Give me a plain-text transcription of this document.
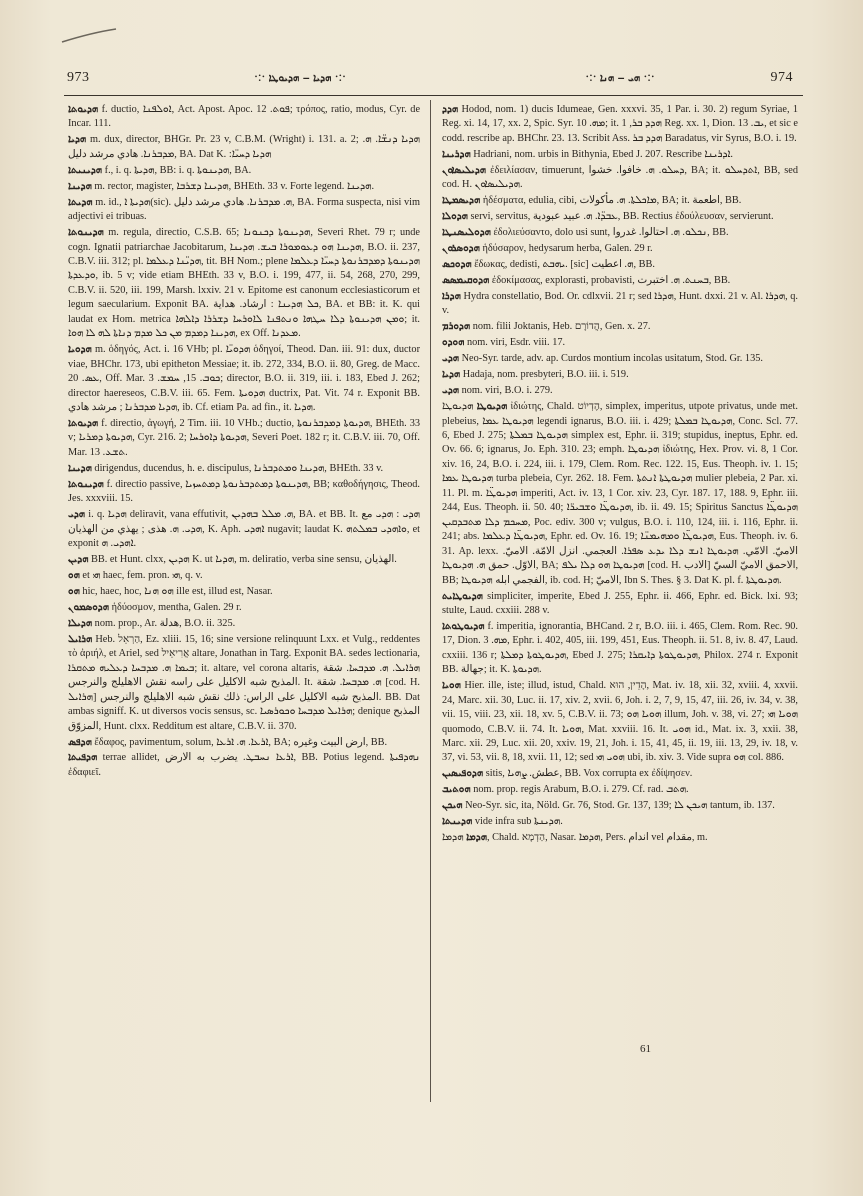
973	∙:∙ ܗܕܝܐ ‒ ܗܕܝܘܛܐ ∙:∙	∙:∙ ܗܝ ‒ ܗܢܐ ∙:∙	974

ܗܕܝܘܬܐ f. ductio, ܐܘܠܦܢܐ, Act. Apost. Apoc. ܦܘܬ. 12; τρόπος, ratio, modus, Cyr. de Incar. 111.

ܗܕܝܐ m. dux, director, BHGr. Pr. 23 v, C.B.M. (Wright) i. 131. a. 2; ܗܕܝܐ ܕܢܫ̈ܐ. ܗ. ܡܕܒܪܢܐ. هادي مرشد دليل, BA. Dat K. :ܗܕܝܐ ܕܚܝ̈ܐ

ܗܕܝܢܝܬܐ f., i. q. ܗܕܝܬܐ, BB: i. q. ܗܕܝܢܘܬܐ, BA.

ܗܕܝܢܐ m. rector, magister, ܗܕܝܢܐ ܕܫܪܒܐ, BHEth. 33 v. Forte legend. ܗܕܝܢܐ.

ܗܕܝܬܐ m. id., ܗܕܝܬܐ ܐ(sic). ܗ. ܡܕܒܪܢܐ. هادي مرشد دليل, BA. Forma suspecta, nisi vim adjectivi ei tribuas.

ܗܕܝܢܘܬܐ m. regula, directio, C.S.B. 65; ܗܕܝܢܘܬܐ ܕܟܢܘܢܐ, Severi Rhet. 79 r; unde cogn. Ignatii patriarchae Jacobitarum, ܗܕܝܢܐ ܗܘ ܕܥܘܡܘܪܐ ܒܝܫ. ܗܕܝܢܐ, B.O. ii. 237, C.B.V. iii. 312; pl. ܗܕܝ̈ܢܐ ܕܥܠܡܐ, tit. BH Nom.; plene ܗܕܝܢܘܬܐ ܕܡܕܒܪܢܘܬܐ ܕܚܝ̈ܐ ܕܥܠܡܐ ܘܕܥܕܬܐ, ib. 5 v; vide etiam BHEth. 33 v, B.O. i. 199, 477, ii. 54, 268, 270, 299, C.B.V. ii. 520, iii. 199, Marsh. lxxiv. 21 v. Epitome est canonum ecclesiasticorum et legum saecularium. Exponit BA. ܟܠ ܗܕܝܢܐ : ارشاد. هداية, BA. et BB: it. K. qui laudat ex Hom. metrica ܘܡܢ ܗܕܝܢܘܬܐ ܕܠܐ ܚܛܗܐ ܘܢܬܦܢܐ ܠܐܘܪܚܐ ܕܫܪܪܐ ܕܐܠܗܐ; it. ܗܕܝܢܐ ܕܡܕܡ ܡܢ ܟܠ ܡܕܡ ܕܢܐܬܐ ܠܗ ܠܐ ܗܘܐ, ex Off. ܡܥܕܢܐ.

ܗܕܘܝܐ m. ὁδηγός, Act. i. 16 VHb; pl. ܗܕܘܝ̈ܐ ὁδηγοί, Theod. Dan. iii. 91: dux, ductor viae, BHChr. 173, ubi epitheton Messiae; it. ib. 272, 334, B.O. ii. 80, Greg. de Macc. ܥܣ. 20, Off. Mar. ܟܘܒ. 15, ܚܡܫ. 3; director, B.O. ii. 319, iii. i. 183, Ebed J. 262; director haereseos, C.B.V. iii. 65. Fem. ܗܕܘܝܬܐ ductrix, Pat. Vit. 74 r. Exponit BB. ܗܕܝܐ ܡܕܒܪܢܐ ; مرشد هادي, ib. Cf. etiam Pa. ad fin., it. ܗܕܝܐ.

ܗܕܝܘܬܐ f. directio, ἀγωγή, 2 Tim. iii. 10 VHb.; ductio, ܗܕܝܘܬܐ ܕܡܕܒܪܢܘܬܐ, BHEth. 33 v; ܗܕܝܘܬܐ ܕܡܪܝܐ, Cyr. 216. 2; ܗܕܝܘܬܐ ܕܐܘܪܚܐ, Severi Poet. 182 r; it. C.B.V. iii. 70, Off. Mar. ܬܫܥ. 13.

ܗܕܝܢܐ dirigendus, ducendus, h. e. discipulus, ܗܕܝܢܐ ܘܡܬܕܒܪܢܐ, BHEth. 33 v.

ܗܕܝܢܘܬܐ f. directio passive, ܗܕܝܢܘܬܐ ܕܡܬܕܒܪܢܘܬܐ ܕܡܬܚܙܝܐ, BB; καθοδήγησις, Theod. Jes. xxxviii. 15.

ܗܕܝ i. q. ܗܕܝܐ deliravit, vana effutivit, ܗ. ܡܠܠ ܒܗܕܝܢ, BA. et BB. It. ܗܕܝ : ܗܕܝ مع ܗܕܝ. ܗ. هذى ; يهذي من الهذيان, K. Aph. ܐܗܕܝ nugavit; laudat K. ܘܐܗܕܝ ܒܡܠܬܗ, et exponit ܐܗܕܝ. ܗ.

ܗܕܝܢ BB. et Hunt. clxx, ܗܕܝܢ K. ut ܗܕܝܐ, m. deliratio, verba sine sensu, الهذيان.

ܗܘ et ܗܝ haec, fem. pron. ܗܝ, q. v.

ܗܘ hic, haec, hoc, ܗܘ ܗܢܐ ille est, illud est, Nasar.

ܗܕܘܣܡܘܢ ἡδύοσμον, mentha, Galen. 29 r.

ܗܕܝܠܐ nom. prop., Ar. هدلة, B.O. ii. 325.

ܗܪܐܝܠ Heb. הַרְאֵל, Ez. xliii. 15, 16; sine versione relinquunt Lxx. et Vulg., reddentes τὸ ἀριήλ, et Ariel, sed אֲרִיאֵיל altare, Jonathan in Targ. Exponit BA. sedes lectionaria, ܒܝܡܐ ܗ. ܡܕܒܚܐ ܕܥܠܝܗ ܡܬܩܪܐ; it. altare, vel corona altaris, ܗܪܐܝܠ. ܗ. ܡܕܒܚܐ. شقة المذبح شبه الاكليل على راسه نقش الاهليلج والنرجس. It. ܗ. ܡܕܒܚܐ. شقة [cod. H. ܗܪܐܝܠ] المذبح شبه الاكليل على الراس: ذلك نقش شبه الاهليلج والنرجس. BB. Dat ambas signiff. K. ut diversos vocis sensus, sc. ܗܪܐܝܠ ܡܕܒܚܐ ܘܟܘܪܣܝܐ; denique المذبح المزوّق, Hunt. clxx. Redditum est altare, C.B.V. ii. 370.

ܗܕܦܣ ἔδαφος, pavimentum, solum, ܐܪܥܐ. ܗ. ܐܪܥܐ, BA; ارض البيت وغيره, BB.

ܗܕܦܝܬܐ terrae allidet, ܐܪܥܐ ܢܚܒܛ. يضرب به الارض, BB. Potius legend. ܢܗܕܦܝܬܐ ἐδαφιεῖ.

ܗܕܕ Hodod, nom. 1) ducis Idumeae, Gen. xxxvi. 35, 1 Par. i. 30. 2) regum Syriae, 1 Reg. xi. 14, 17, xx. 2, Spic. Syr. ܡܗ. 10; it. ܗܕܕ ܒܪ, 1 Reg. xx. 1, Dion. ܝܒ. 13, et sic e codd. rescribe ap. BHChr. 23. 13. Scribit Ass. ܗܕܕ ܒܪ Baradatus, vir Syrus, B.O. i. 19.

ܗܕܪܝܢܐ Hadriani, nom. urbis in Bithynia, Ebed J. 207. Rescribe ܐܕܪܝܢܐ.

ܗܕܝܠܝܣܐܘܢ ἐδειλίασαν, timuerunt, ܕܚܠܘ. ܗ. خافوا. خشوا, BA; it. ܐܬܕܚܠܘ, BB, sed cod. H. ܗܕܝܠܝܣܐܘܢ.

ܗܕܝܣܡܛܐ ἡδέσματα, edulia, cibi, ܡܐܟܠܬܐ. ܗ. مأكولات, BA; it. اطعمة, BB.

ܗܕܘܠܐ servi, servitus, ܥܒܕ̈ܐ. ܗ. عبيد عبودية, BB. Rectius ἐδούλευσαν, servierunt.

ܗܕܘܠܝܣܢܛܐ ἐδολιεύσαντο, dolo usi sunt, ܢܟܠܘ. ܗ. احتالوا. غدروا, BB.

ܗܕܘܣܪܘܢ ἡδύσαρον, hedysarum herba, Galen. 29 r.

ܗܕܘܟܣ ἔδωκας, dedisti, ܝܗܒܬ. [sic] ܗ. اعطيت, BB.

ܗܕܘܩܝܡܣܣ ἐδοκίμασας, explorasti, probavisti, ܒܚܢܬ. ܗ. اختبرت, BB.

ܗܕܪܐ Hydra constellatio, Bod. Or. cdlxvii. 21 r; sed ܗܕܪܐ, Hunt. dxxi. 21 v. Al. ܗܕܪܐ, q. v.

ܗܕܘܪܡ nom. filii Joktanis, Heb. הֲדוֹרָם, Gen. x. 27.

ܗܘܕܘ nom. viri, Esdr. viii. 17.

ܗܕܝ Neo-Syr. tarde, adv. ap. Curdos montium incolas usitatum, Stod. Gr. 135.

ܗܕܝܐ Hadaja, nom. presbyteri, B.O. iii. i. 519.

ܗܕܝ nom. viri, B.O. i. 279.

ܗܕܝܘܛܐ ܗܕܝܘܛܐ ἰδιώτης, Chald. הֶדְיוֹט, simplex, imperitus, utpote privatus, unde met. plebeius, ܗܕܝܘܛܐ ܥܡܐ legendi ignarus, B.O. iii. i. 429; ܗܕܝܘܛܐ ܒܡܠܬܐ, Conc. Scl. 77. 6, Ebed J. 275; ܗܕܝܘܛܐ ܒܡܠܬܐ simplex est, Ephr. ii. 319; stupidus, ineptus, Ephr. ed. Ov. 66. 6; ignarus, Jo. Eph. 310. 23; emph. ܗܕܝܘܛܐ ἰδιώτης, Hex. Prov. vi. 8, 1 Cor. xiv. 16, 24, B.O. i. 224, iii. i. 179, Clem. Rom. Rec. 122. 15, Eus. Theoph. iv. 1. 15; ܗܕܝܘܛܐ ܥܡܐ turba plebeia, Cyr. 262. 18. Fem. ܗܕܝܘܛܬܐ ܐܢܬܬܐ mulier plebeia, 2 Par. xi. 11. Pl. m. ܗܕܝܘܛ̈ܐ imperiti, Act. iv. 13, 1 Cor. xiv. 23, Cyr. 187. 17, 188. 9, Ephr. iii. 244, Eus. Theoph. ii. 50. 40; ܗܕܝܘܛ̈ܐ ܘܫܒܝܪ̈ܐ, ib. ii. 49. 15; Spiritus Sanctus ܗܕܝܘܛ̈ܐ ܡܚܟܡ ܕܠܐ ܡܬܒܕܩܝܢ, Poc. ediv. 300 v; vulgus, B.O. i. 110, 124, iii. i. 116, Ephr. ii. 241; abs. ܗܕܝܘܛ̈ܐ ܕܥܠܡܐ, Ephr. ed. Ov. 16. 19; ܗܕܝܘܛ̈ܐ ܘܡܗܝܡܢ̈ܐ, Eus. Theoph. iv. 6. 31. Ap. lexx. الاميّ. الامّي. ܗܕܝܘܛܐ ܐܢܫ ܕܠܐ ܝܕܥ ܣܦܪܐ. العجمي. انزل الامّة. الاميّ. الاوّل. حمق ܗ. ܗܕܝܘܛܐ, BA; ܗܕܝܘܛܐ ܗܘ ܕܠܐ ܝܠܦ [cod. H. الادب] الاحمق الاميّ السيّ, BB; الفجمي ابله ܗܕܝܘܛܐ, ib. cod. H; الاميّ, Ibn S. Thes. § 3. Dat K. pl. f. ܗܕܝܘܛܬܐ.

ܗܕܝܘܛܐܝܬ simpliciter, imperite, Ebed J. 255, Ephr. ii. 466, Ephr. ed. Bick. lxi. 93; stulte, Laud. cxxiii. 288 v.

ܗܕܝܘܛܘܬܐ f. imperitia, ignorantia, BHCand. 2 r, B.O. iii. i. 465, Clem. Rom. Rec. 90. 17, Dion. ܡܗ. 3, Ephr. i. 402, 405, iii. 199, 451, Eus. Theoph. ii. 51. 8, iv. 8. 47, Laud. cxxiii. 136 r; ܗܕܝܘܛܘܬܐ ܕܡܠܬܐ, Ebed J. 275; ܗܕܝܘܛܘܬܐ ܕܐܝܩܪܐ, Philox. 274 r. Exponit BB. جهالة; it. K. ܗܕܝܘܬܐ.

ܗܘܝܐ Hier. ille, iste; illud, istud, Chald. הָדֵין, הוּא, Mat. iv. 18, xii. 32, xviii. 4, xxvii. 24, Marc. xii. 30, Luc. ii. 17, xiv. 2, xvii. 6, Joh. i. 2, 7, 9, 15, 47, iii. 26, iv. 34, v. 38, vii. 15, viii. 23, xii. 18, xv. 5, C.B.V. ii. 73; ܗܘܝܐ ܗܘ illum, Joh. v. 38, vi. 27; ܗܘܝܐ ܗܝ quomodo, C.B.V. ii. 74. It. ܗܘܝܐ, Mat. xxviii. 16. It. ܗܘܝ id., Mat. ix. 3, xxii. 38, Marc. xii. 29, Luc. xii. 20, xxiv. 19, 21, Joh. i. 15, 41, 45, ii. 19, iii. 13, 29, iv. 18, v. 37, vi. 53, vii. 8, 18, xvii. 11, 12; sed ܗܘܝ ܗܝ ubi, ib. xiv. 3. Vide supra ܗܘ col. 886.

ܗܕܘܦܝܣܝܢ sitis, عطش. ܨܗܝܐ, BB. Vox corrupta ex ἐδίψησεν.

ܗܘܬܝܒ nom. prop. regis Arabum, B.O. i. 279. Cf. rad. ܗܬܒ.

ܗܝܟܢ Neo-Syr. sic, ita, Nöld. Gr. 76, Stod. Gr. 137, 139; ܗܝܟܢ ܠܐ tantum, ib. 137.

ܗܕܝܢܬܐ vide infra sub ܗܕܝܢܬܐ.

ܗܕܡܐ ܗܕܡܐ, Chald. הַדְמָא, Nasar. ܗܕܡܐ, Pers. اندام vel مقدام, m.

61
